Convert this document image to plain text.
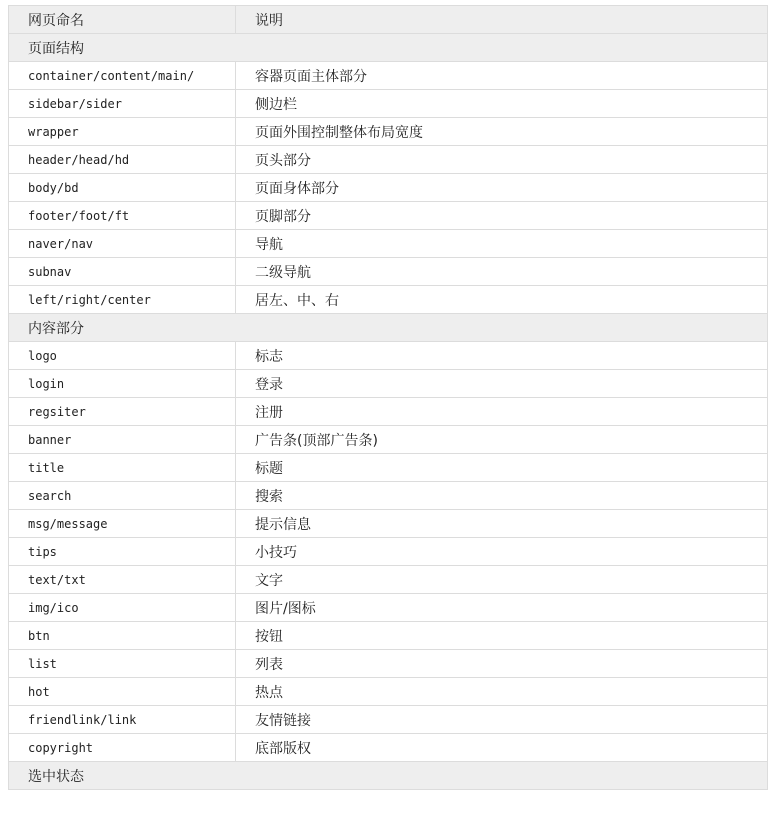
网页命名	说明
页面结构	
container/content/main/	容器页面主体部分
sidebar/sider	侧边栏
wrapper	页面外围控制整体布局宽度
header/head/hd	页头部分
body/bd	页面身体部分
footer/foot/ft	页脚部分
naver/nav	导航
subnav	二级导航
left/right/center	居左、中、右
内容部分	
logo	标志
login	登录
regsiter	注册
banner	广告条(顶部广告条)
title	标题
search	搜索
msg/message	提示信息
tips	小技巧
text/txt	文字
img/ico	图片/图标
btn	按钮
list	列表
hot	热点
friendlink/link	友情链接
copyright	底部版权
选中状态	
